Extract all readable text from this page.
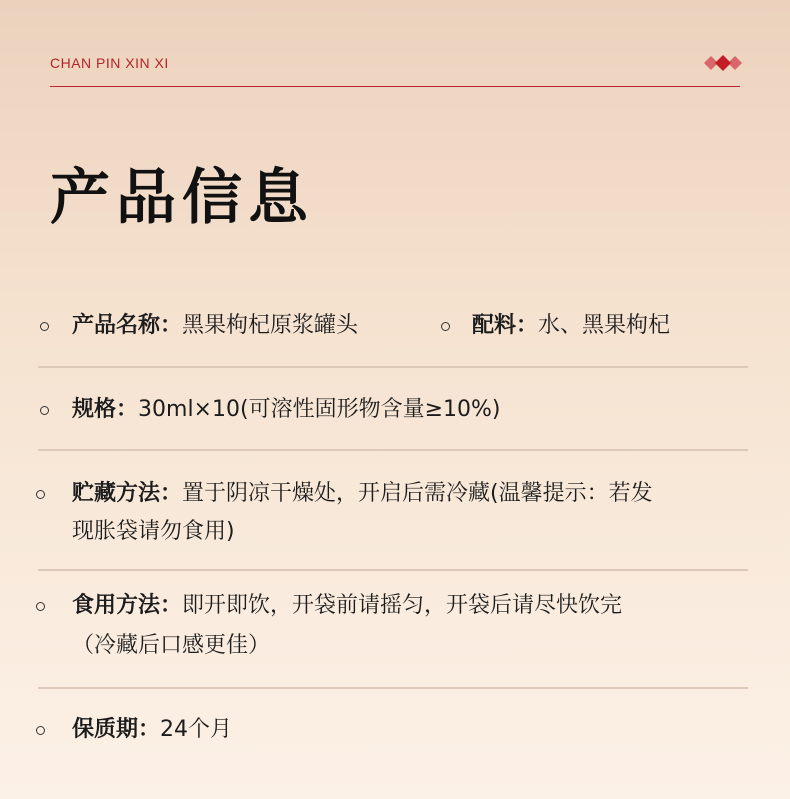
CHAN PIN XIN XI
产品信息
产品名称：黑果枸杞原浆罐头	配料：水、黑果枸杞
规格：30ml×10(可溶性固形物含量≥10%)
贮藏方法：置于阴凉干燥处，开启后需冷藏(温馨提示：若发
现胀袋请勿食用)
食用方法：即开即饮，开袋前请摇匀，开袋后请尽快饮完
（冷藏后口感更佳）
保质期：24个月
